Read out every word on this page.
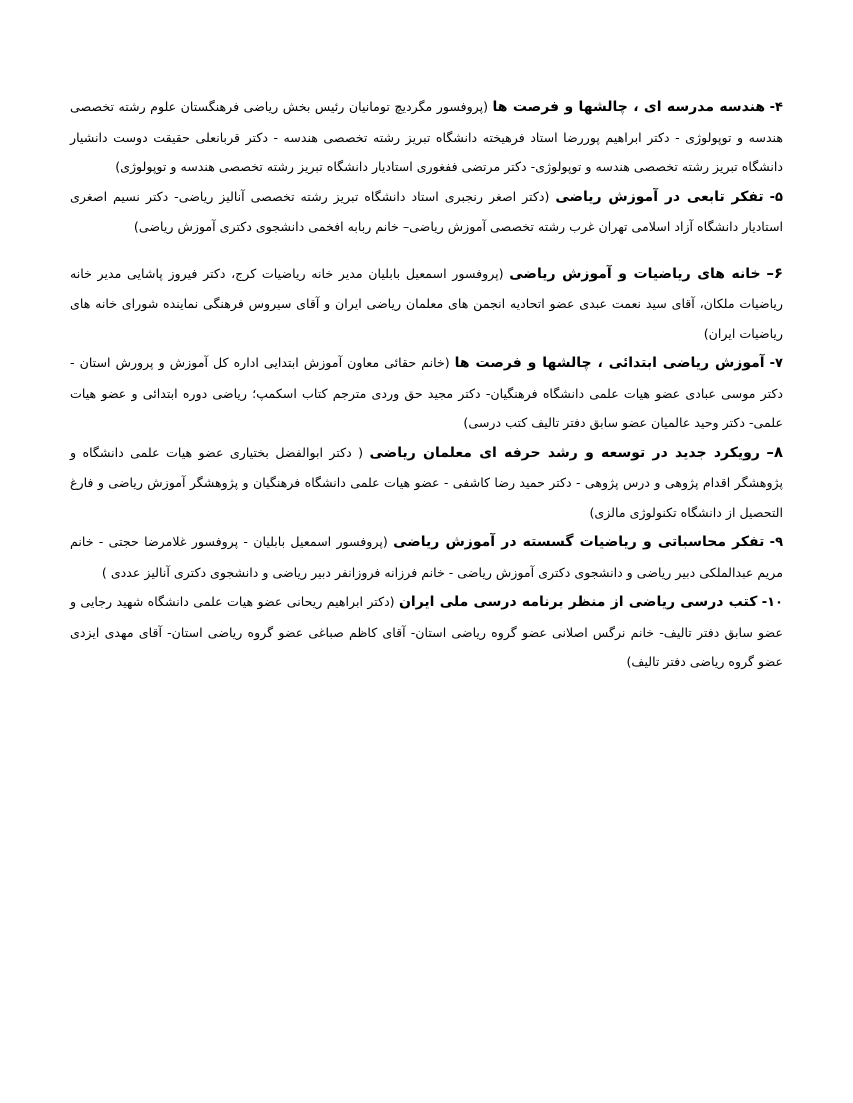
۴- هندسه مدرسه ای ، چالشها و فرصت ها (پروفسور مگردیچ تومانیان رئیس بخش ریاضی فرهنگستان علوم رشته تخصصی هندسه و توپولوژی - دکتر ابراهیم پوررضا استاد فرهیخته دانشگاه تبریز رشته تخصصی هندسه - دکتر قربانعلی حقیقت دوست دانشیار دانشگاه تبریز رشته تخصصی هندسه و توپولوژی- دکتر مرتضی ففغوری استادیار دانشگاه تبریز رشته تخصصی هندسه و توپولوژی)

۵- تفکر تابعی در آموزش ریاضی (دکتر اصغر رنجبری استاد دانشگاه تبریز رشته تخصصی آنالیز ریاضی- دکتر نسیم اصغری استادیار دانشگاه آزاد اسلامی تهران غرب رشته تخصصی آموزش ریاضی– خانم ربابه افخمی دانشجوی دکتری آموزش ریاضی)

۶– خانه های ریاضیات و آموزش ریاضی (پروفسور اسمعیل بابلیان مدیر خانه ریاضیات کرج، دکتر فیروز پاشایی مدیر خانه ریاضیات ملکان، آقای سید نعمت عبدی عضو اتحادیه انجمن های معلمان ریاضی ایران و آقای سیروس فرهنگی نماینده شورای خانه های ریاضیات ایران)

۷- آموزش ریاضی ابتدائی ، چالشها و فرصت ها (خانم حقائی معاون آموزش ابتدایی اداره کل آموزش و پرورش استان - دکتر موسی عبادی عضو هیات علمی دانشگاه فرهنگیان- دکتر مجید حق وردی مترجم کتاب اسکمپ؛ ریاضی دوره ابتدائی و عضو هیات علمی- دکتر وحید عالمیان عضو سابق دفتر تالیف کتب درسی)

۸– رویکرد جدید در توسعه و رشد حرفه ای معلمان ریاضی ( دکتر ابوالفضل بختیاری عضو هیات علمی دانشگاه و پژوهشگر اقدام پژوهی و درس پژوهی - دکتر حمید رضا کاشفی - عضو هیات علمی دانشگاه فرهنگیان و پژوهشگر آموزش ریاضی و فارغ التحصیل از دانشگاه تکنولوژی مالزی)

۹- تفکر محاسباتی و ریاضیات گسسته در آموزش ریاضی (پروفسور اسمعیل بابلیان - پروفسور غلامرضا حجتی - خانم مریم عبدالملکی دبیر ریاضی و دانشجوی دکتری آموزش ریاضی - خانم فرزانه فروزانفر دبیر ریاضی و دانشجوی دکتری آنالیز عددی )

۱۰- کتب درسی ریاضی از منظر برنامه درسی ملی ایران (دکتر ابراهیم ریحانی عضو هیات علمی دانشگاه شهید رجایی و عضو سابق دفتر تالیف- خانم نرگس اصلانی عضو گروه ریاضی استان- آقای کاظم صباغی عضو گروه ریاضی استان- آقای مهدی ایزدی عضو گروه ریاضی دفتر تالیف)
